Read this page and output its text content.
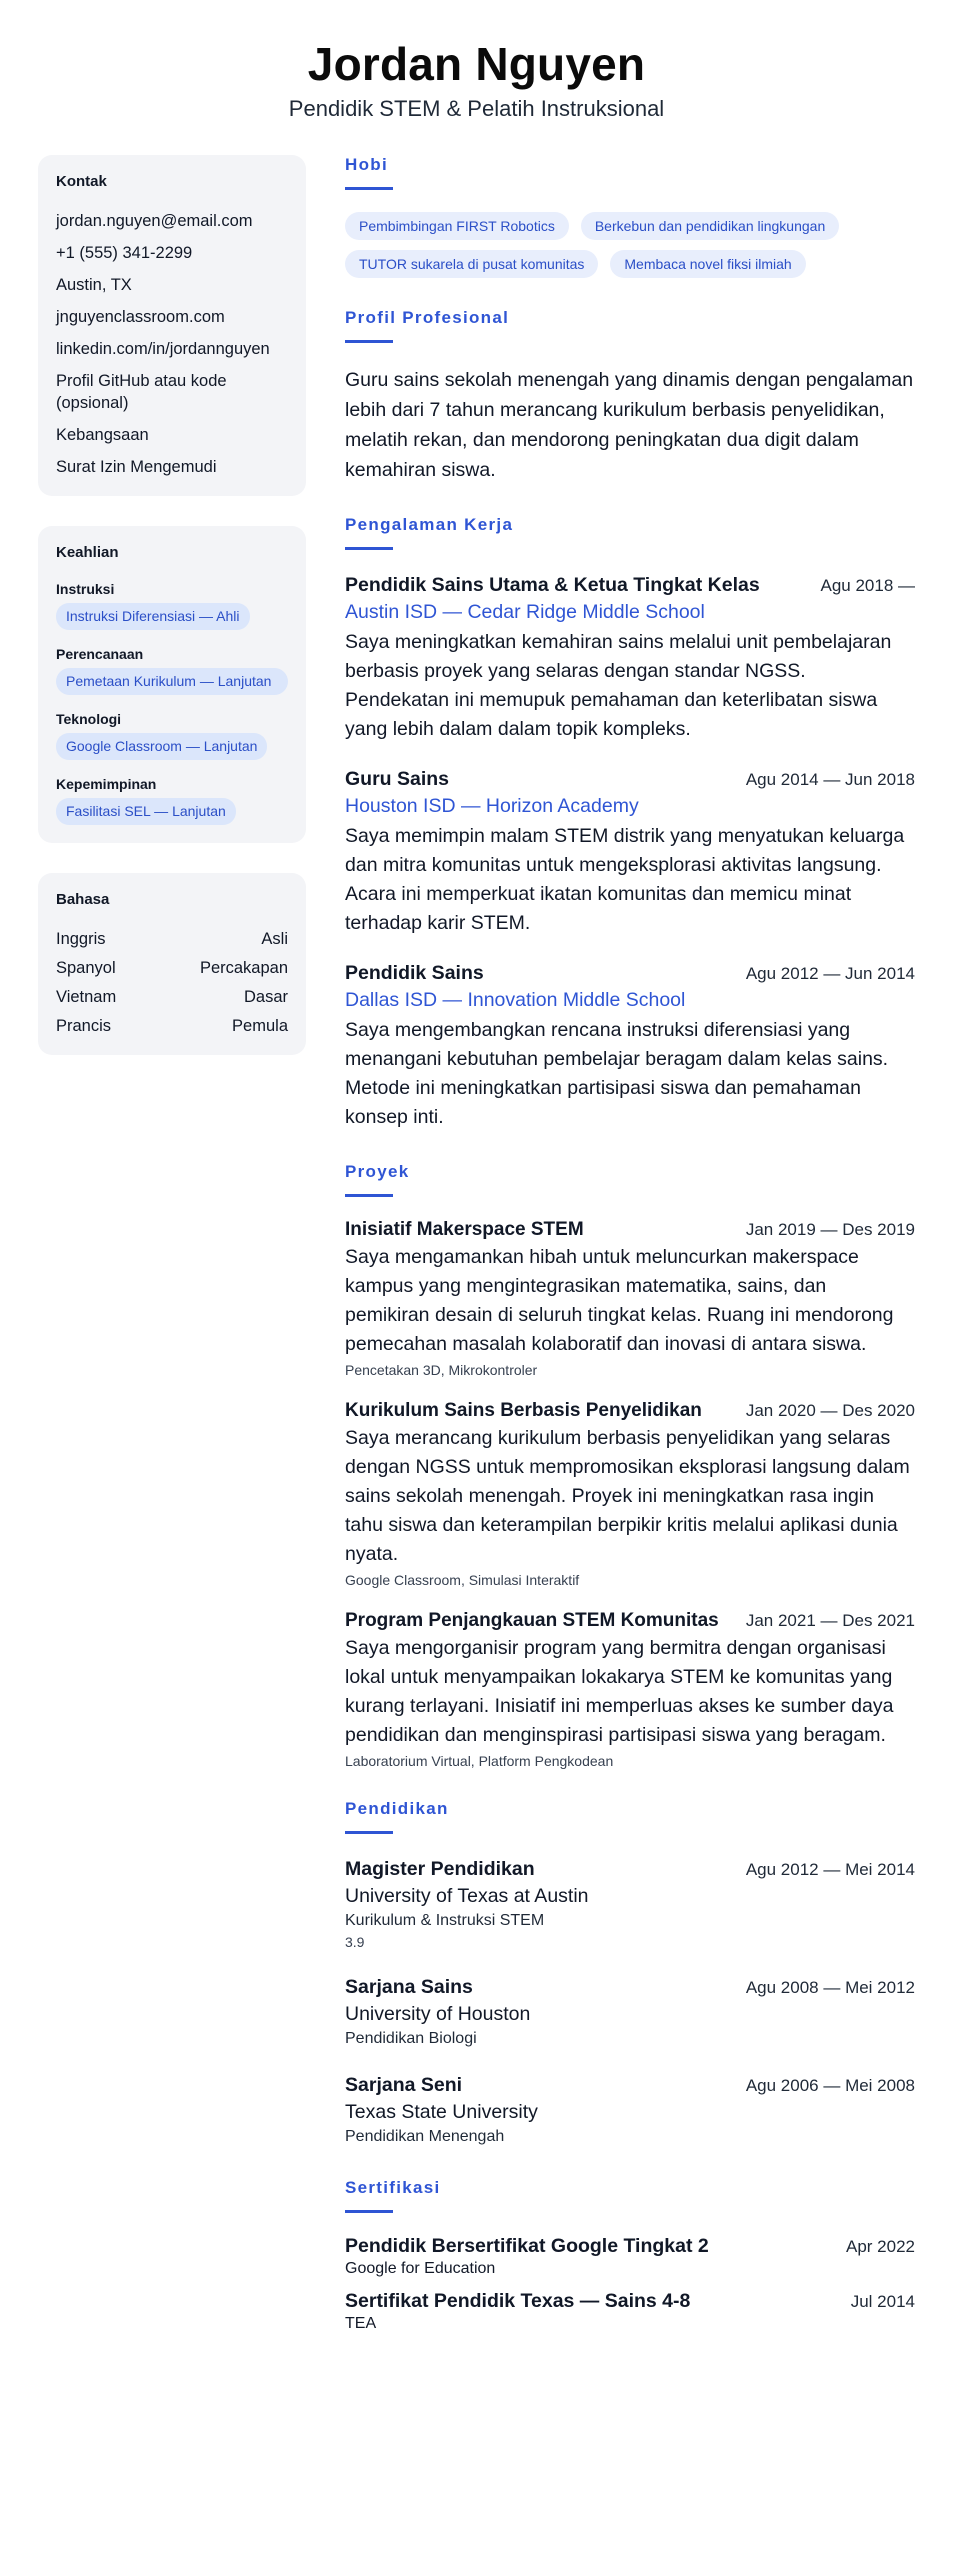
Jordan Nguyen
Pendidik STEM & Pelatih Instruksional
Kontak
jordan.nguyen@email.com
+1 (555) 341-2299
Austin, TX
jnguyenclassroom.com
linkedin.com/in/jordannguyen
Profil GitHub atau kode (opsional)
Kebangsaan
Surat Izin Mengemudi
Keahlian
Instruksi
Instruksi Diferensiasi — Ahli
Perencanaan
Pemetaan Kurikulum — Lanjutan
Teknologi
Google Classroom — Lanjutan
Kepemimpinan
Fasilitasi SEL — Lanjutan
Bahasa
Inggris	Asli
Spanyol	Percakapan
Vietnam	Dasar
Prancis	Pemula
Hobi
Pembimbingan FIRST Robotics	Berkebun dan pendidikan lingkungan
TUTOR sukarela di pusat komunitas	Membaca novel fiksi ilmiah
Profil Profesional

Guru sains sekolah menengah yang dinamis dengan pengalaman lebih dari 7 tahun merancang kurikulum berbasis penyelidikan, melatih rekan, dan mendorong peningkatan dua digit dalam kemahiran siswa.

Pengalaman Kerja
Pendidik Sains Utama & Ketua Tingkat Kelas	Agu 2018 —
Austin ISD — Cedar Ridge Middle School

Saya meningkatkan kemahiran sains melalui unit pembelajaran berbasis proyek yang selaras dengan standar NGSS. Pendekatan ini memupuk pemahaman dan keterlibatan siswa yang lebih dalam dalam topik kompleks.

Guru Sains	Agu 2014 — Jun 2018
Houston ISD — Horizon Academy

Saya memimpin malam STEM distrik yang menyatukan keluarga dan mitra komunitas untuk mengeksplorasi aktivitas langsung. Acara ini memperkuat ikatan komunitas dan memicu minat terhadap karir STEM.

Pendidik Sains	Agu 2012 — Jun 2014
Dallas ISD — Innovation Middle School

Saya mengembangkan rencana instruksi diferensiasi yang menangani kebutuhan pembelajar beragam dalam kelas sains. Metode ini meningkatkan partisipasi siswa dan pemahaman konsep inti.

Proyek
Inisiatif Makerspace STEM	Jan 2019 — Des 2019

Saya mengamankan hibah untuk meluncurkan makerspace kampus yang mengintegrasikan matematika, sains, dan pemikiran desain di seluruh tingkat kelas. Ruang ini mendorong pemecahan masalah kolaboratif dan inovasi di antara siswa.

Pencetakan 3D, Mikrokontroler
Kurikulum Sains Berbasis Penyelidikan	Jan 2020 — Des 2020

Saya merancang kurikulum berbasis penyelidikan yang selaras dengan NGSS untuk mempromosikan eksplorasi langsung dalam sains sekolah menengah. Proyek ini meningkatkan rasa ingin tahu siswa dan keterampilan berpikir kritis melalui aplikasi dunia nyata.

Google Classroom, Simulasi Interaktif
Program Penjangkauan STEM Komunitas Jan 2021 — Des 2021

Saya mengorganisir program yang bermitra dengan organisasi lokal untuk menyampaikan lokakarya STEM ke komunitas yang kurang terlayani. Inisiatif ini memperluas akses ke sumber daya pendidikan dan menginspirasi partisipasi siswa yang beragam.

Laboratorium Virtual, Platform Pengkodean
Pendidikan
Magister Pendidikan	Agu 2012 — Mei 2014
University of Texas at Austin
Kurikulum & Instruksi STEM
3.9
Sarjana Sains	Agu 2008 — Mei 2012
University of Houston
Pendidikan Biologi
Sarjana Seni	Agu 2006 — Mei 2008
Texas State University
Pendidikan Menengah
Sertifikasi
Pendidik Bersertifikat Google Tingkat 2	Apr 2022
Google for Education
Sertifikat Pendidik Texas — Sains 4-8	Jul 2014
TEA
